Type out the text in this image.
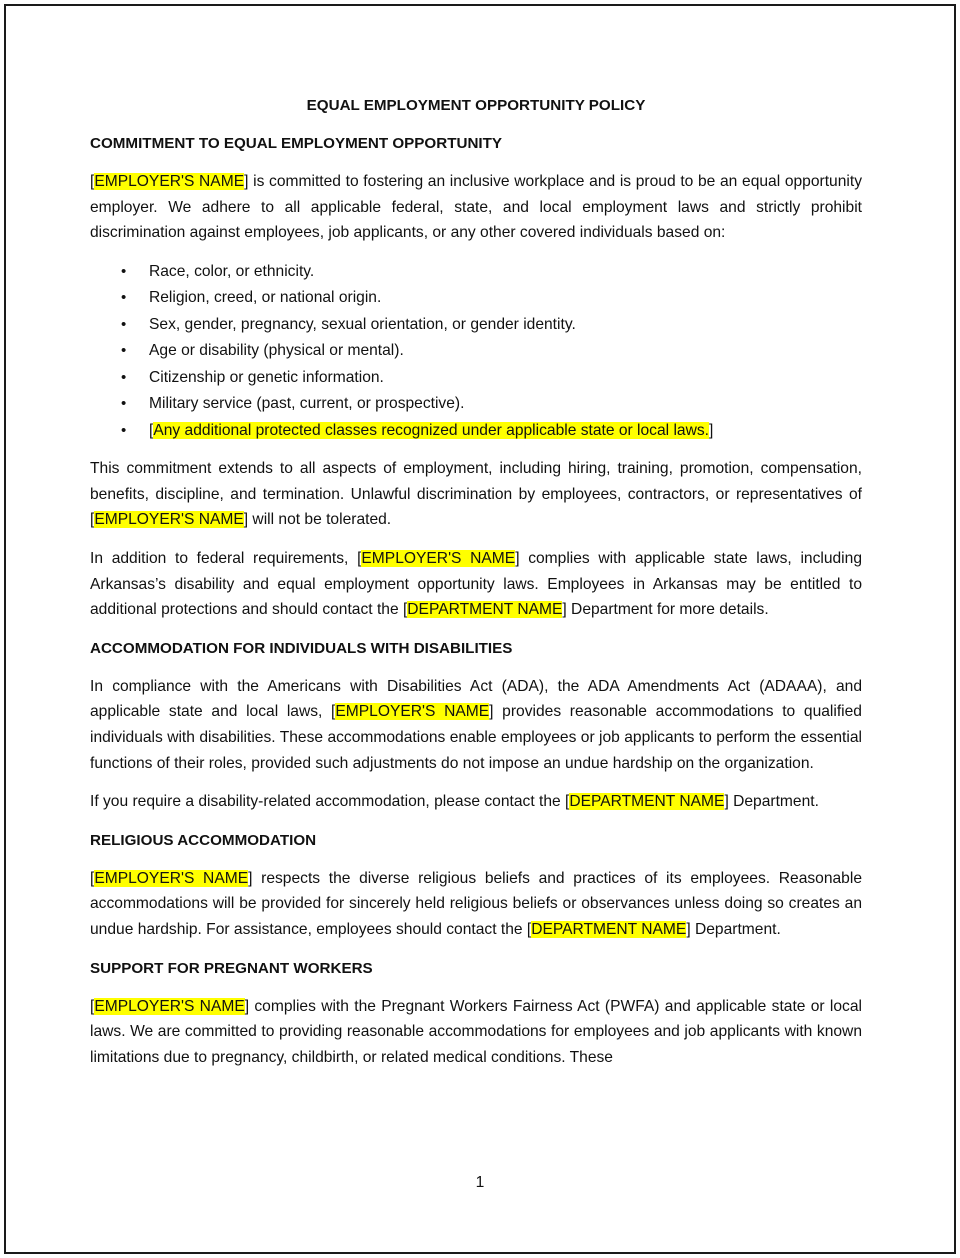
EQUAL EMPLOYMENT OPPORTUNITY POLICY
COMMITMENT TO EQUAL EMPLOYMENT OPPORTUNITY

[EMPLOYER'S NAME] is committed to fostering an inclusive workplace and is proud to be an equal opportunity employer. We adhere to all applicable federal, state, and local employment laws and strictly prohibit discrimination against employees, job applicants, or any other covered individuals based on:

• Race, color, or ethnicity.
• Religion, creed, or national origin.
• Sex, gender, pregnancy, sexual orientation, or gender identity.
• Age or disability (physical or mental).
• Citizenship or genetic information.
• Military service (past, current, or prospective).
• [Any additional protected classes recognized under applicable state or local laws.]

This commitment extends to all aspects of employment, including hiring, training, promotion, compensation, benefits, discipline, and termination. Unlawful discrimination by employees, contractors, or representatives of [EMPLOYER'S NAME] will not be tolerated.

In addition to federal requirements, [EMPLOYER'S NAME] complies with applicable state laws, including Arkansas’s disability and equal employment opportunity laws. Employees in Arkansas may be entitled to additional protections and should contact the [DEPARTMENT NAME] Department for more details.

ACCOMMODATION FOR INDIVIDUALS WITH DISABILITIES

In compliance with the Americans with Disabilities Act (ADA), the ADA Amendments Act (ADAAA), and applicable state and local laws, [EMPLOYER'S NAME] provides reasonable accommodations to qualified individuals with disabilities. These accommodations enable employees or job applicants to perform the essential functions of their roles, provided such adjustments do not impose an undue hardship on the organization.

If you require a disability-related accommodation, please contact the [DEPARTMENT NAME] Department.

RELIGIOUS ACCOMMODATION

[EMPLOYER'S NAME] respects the diverse religious beliefs and practices of its employees. Reasonable accommodations will be provided for sincerely held religious beliefs or observances unless doing so creates an undue hardship. For assistance, employees should contact the [DEPARTMENT NAME] Department.

SUPPORT FOR PREGNANT WORKERS

[EMPLOYER'S NAME] complies with the Pregnant Workers Fairness Act (PWFA) and applicable state or local laws. We are committed to providing reasonable accommodations for employees and job applicants with known limitations due to pregnancy, childbirth, or related medical conditions. These

1
